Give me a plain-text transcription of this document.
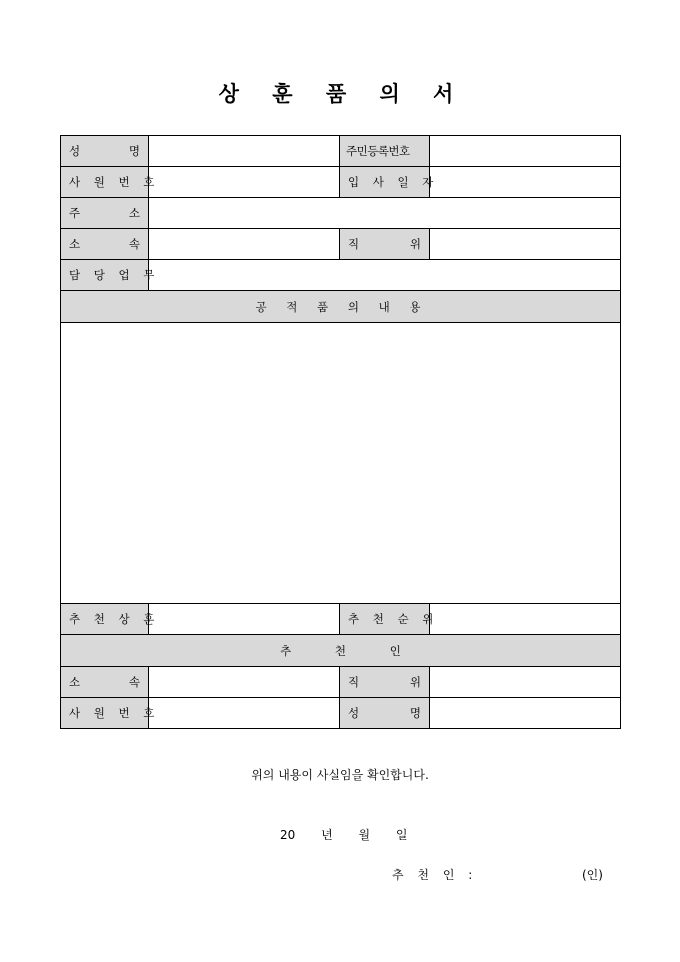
상 훈 품 의 서
성 명		주민등록번호	
사 원 번 호		입 사 일 자	

주 소			

소 속		직 위	

담 당 업 무			
공 적 품 의 내 용			

추 천 상 훈		추 천 순 위	
추 천 인			

소 속		직 위	

사 원 번 호		성 명	

위의 내용이 사실임을 확인합니다.
20 년 월 일
추 천 인 :	(인)
